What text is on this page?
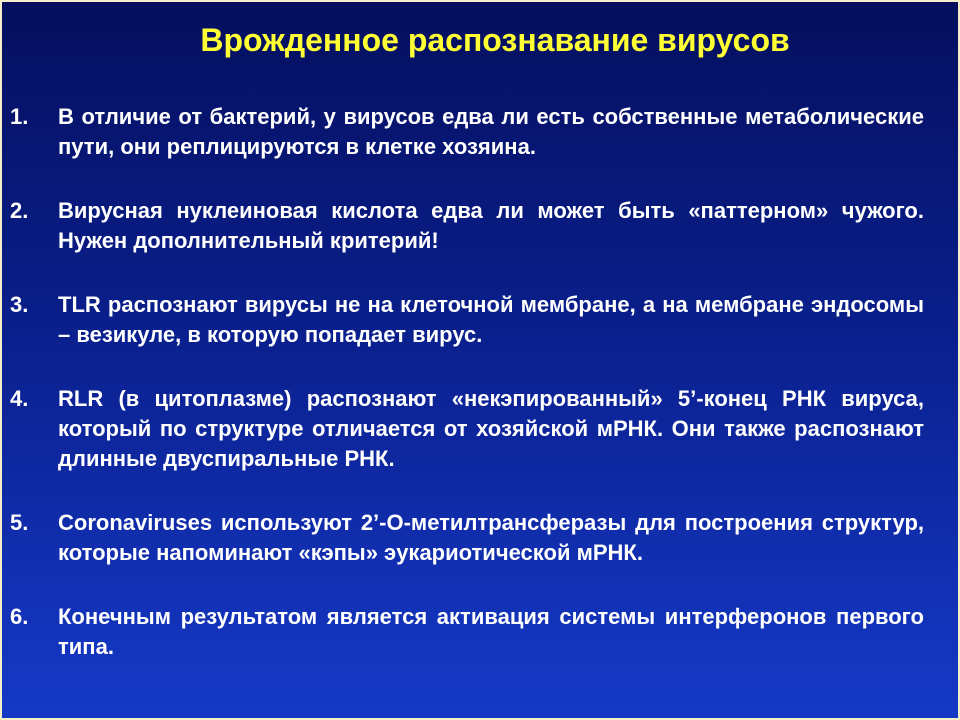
Врожденное распознавание вирусов
1.	В отличие от бактерий, у вирусов едва ли есть собственные метаболические пути, они реплицируются в клетке хозяина.
2.	Вирусная нуклеиновая кислота едва ли может быть «паттерном» чужого. Нужен дополнительный критерий!
3.	TLR распознают вирусы не на клеточной мембране, а на мембране эндосомы – везикуле, в которую попадает вирус.
4.	RLR (в цитоплазме) распознают «некэпированный» 5’-конец РНК вируса, который по структуре отличается от хозяйской мРНК. Они также распознают длинные двуспиральные РНК.
5.	Coronaviruses используют 2’-О-метилтрансферазы для построения структур, которые напоминают «кэпы» эукариотической мРНК.
6.	Конечным результатом является активация системы интерферонов первого типа.
